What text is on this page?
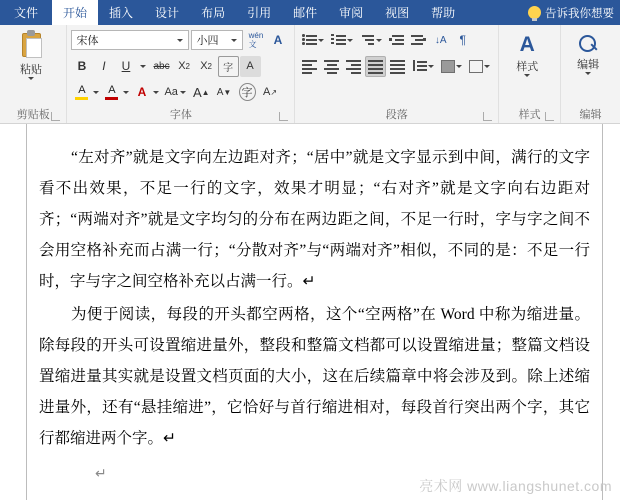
文件 开始 插入 设计 布局 引用 邮件 审阅 视图 帮助	告诉我你想要
粘贴
剪贴板
宋体	小四	wén
文	A
B I U abc X 2 X 2 字 A
A A	A	Aa A ▲ A ▼ 字 A ↗
字体
↓A ¶
段落
A
样式
样式
编辑
编辑

“左对齐”就是文字向左边距对齐；“居中”就是文字显示到中间，满行的文字看不出效果，不足一行的文字，效果才明显；“右对齐”就是文字向右边距对齐；“两端对齐”就是文字均匀的分布在两边距之间，不足一行时，字与字之间不会用空格补充而占满一行；“分散对齐”与“两端对齐”相似，不同的是：不足一行时，字与字之间空格补充以占满一行。↵

为便于阅读，每段的开头都空两格，这个“空两格”在 Word 中称为缩进量。除每段的开头可设置缩进量外，整段和整篇文档都可以设置缩进量；整篇文档设置缩进量其实就是设置文档页面的大小，这在后续篇章中将会涉及到。除上述缩进量外，还有“悬挂缩进”，它恰好与首行缩进相对，每段首行突出两个字，其它行都缩进两个字。↵

↵
亮术网 www.liangshunet.com
